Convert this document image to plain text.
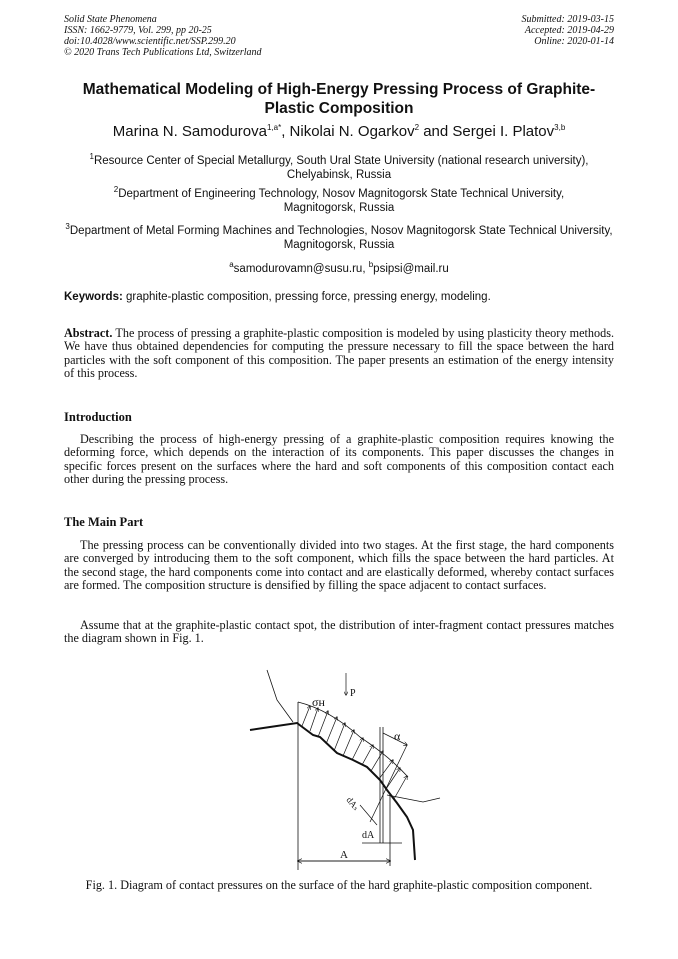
Solid State Phenomena
ISSN: 1662-9779, Vol. 299, pp 20-25
doi:10.4028/www.scientific.net/SSP.299.20
© 2020 Trans Tech Publications Ltd, Switzerland
Submitted: 2019-03-15
Accepted: 2019-04-29
Online: 2020-01-14
Mathematical Modeling of High-Energy Pressing Process of Graphite-Plastic Composition
Marina N. Samodurova$^{1,a*}$, Nikolai N. Ogarkov$^2$ and Sergei I. Platov$^{3,b}$
$^1$Resource Center of Special Metallurgy, South Ural State University (national research university), Chelyabinsk, Russia
$^2$Department of Engineering Technology, Nosov Magnitogorsk State Technical University, Magnitogorsk, Russia
$^3$Department of Metal Forming Machines and Technologies, Nosov Magnitogorsk State Technical University, Magnitogorsk, Russia
$^a$samodurovamn@susu.ru, $^b$psipsi@mail.ru
Keywords: graphite-plastic composition, pressing force, pressing energy, modeling.
Abstract. The process of pressing a graphite-plastic composition is modeled by using plasticity theory methods. We have thus obtained dependencies for computing the pressure necessary to fill the space between the hard particles with the soft component of this composition. The paper presents an estimation of the energy intensity of this process.
Introduction
Describing the process of high-energy pressing of a graphite-plastic composition requires knowing the deforming force, which depends on the interaction of its components. This paper discusses the changes in specific forces present on the surfaces where the hard and soft components of this composition contact each other during the pressing process.
The Main Part
The pressing process can be conventionally divided into two stages. At the first stage, the hard components are converged by introducing them to the soft component, which fills the space between the hard particles. At the second stage, the hard components come into contact and are elastically deformed, whereby contact surfaces are formed. The composition structure is densified by filling the space adjacent to contact surfaces.
Assume that at the graphite-plastic contact spot, the distribution of inter-fragment contact pressures matches the diagram shown in Fig. 1.
σн
P
α
dAₛ
dA
A
Fig. 1. Diagram of contact pressures on the surface of the hard graphite-plastic composition component.
